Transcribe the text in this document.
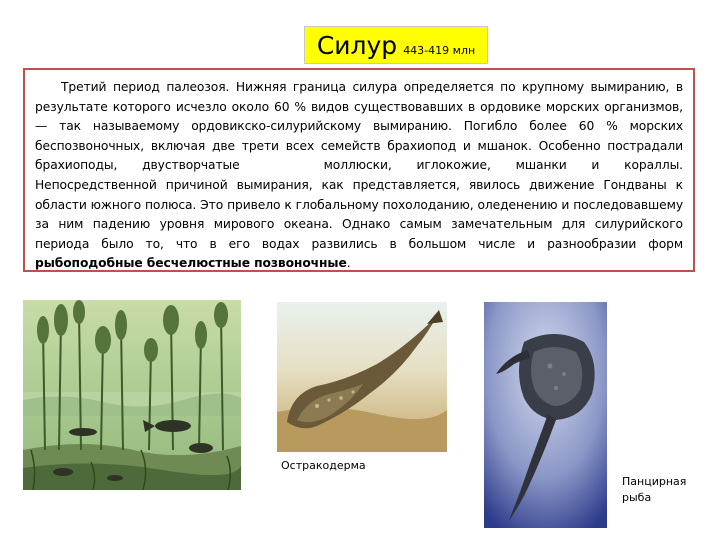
Силур 443-419 млн

Третий период палеозоя. Нижняя граница силура определяется по крупному вымиранию, в результате которого исчезло около 60 % видов существовавших в ордовике морских организмов, — так называемому ордовикско-силурийскому вымиранию. Погибло более 60 % морских беспозвоночных, включая две трети всех семейств брахиопод и мшанок. Особенно пострадали брахиоподы, двустворчатые	моллюски, иглокожие, мшанки и кораллы. Непосредственной причиной вымирания, как представляется, явилось движение Гондваны к области южного полюса. Это привело к глобальному похолоданию, оледенению и последовавшему за ним падению уровня мирового океана. Однако самым замечательным для силурийского периода было то, что в его водах развились в большом числе и разнообразии форм рыбоподобные бесчелюстные позвоночные.

Остракодерма
Панцирная рыба
